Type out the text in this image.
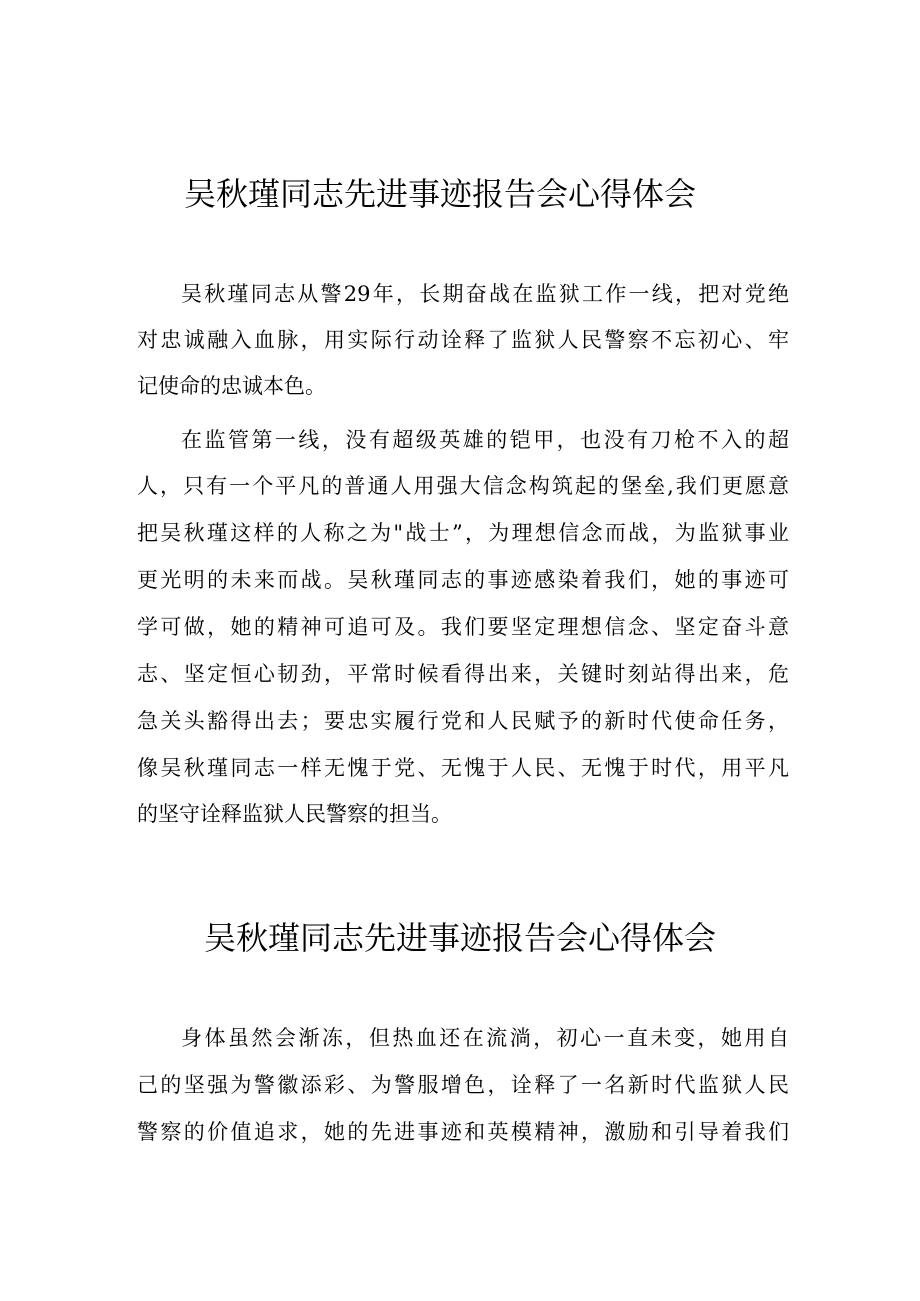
吴秋瑾同志先进事迹报告会心得体会
吴秋瑾同志从警29年，长期奋战在监狱工作一线，把对党绝
对忠诚融入血脉，用实际行动诠释了监狱人民警察不忘初心、牢
记使命的忠诚本色。
在监管第一线，没有超级英雄的铠甲，也没有刀枪不入的超
人，只有一个平凡的普通人用强大信念构筑起的堡垒,我们更愿意
把吴秋瑾这样的人称之为"战士”，为理想信念而战，为监狱事业
更光明的未来而战。吴秋瑾同志的事迹感染着我们，她的事迹可
学可做，她的精神可追可及。我们要坚定理想信念、坚定奋斗意
志、坚定恒心韧劲，平常时候看得出来，关键时刻站得出来，危
急关头豁得出去；要忠实履行党和人民赋予的新时代使命任务，
像吴秋瑾同志一样无愧于党、无愧于人民、无愧于时代，用平凡
的坚守诠释监狱人民警察的担当。
吴秋瑾同志先进事迹报告会心得体会
身体虽然会渐冻，但热血还在流淌，初心一直未变，她用自
己的坚强为警徽添彩、为警服增色，诠释了一名新时代监狱人民
警察的价值追求，她的先进事迹和英模精神，激励和引导着我们
